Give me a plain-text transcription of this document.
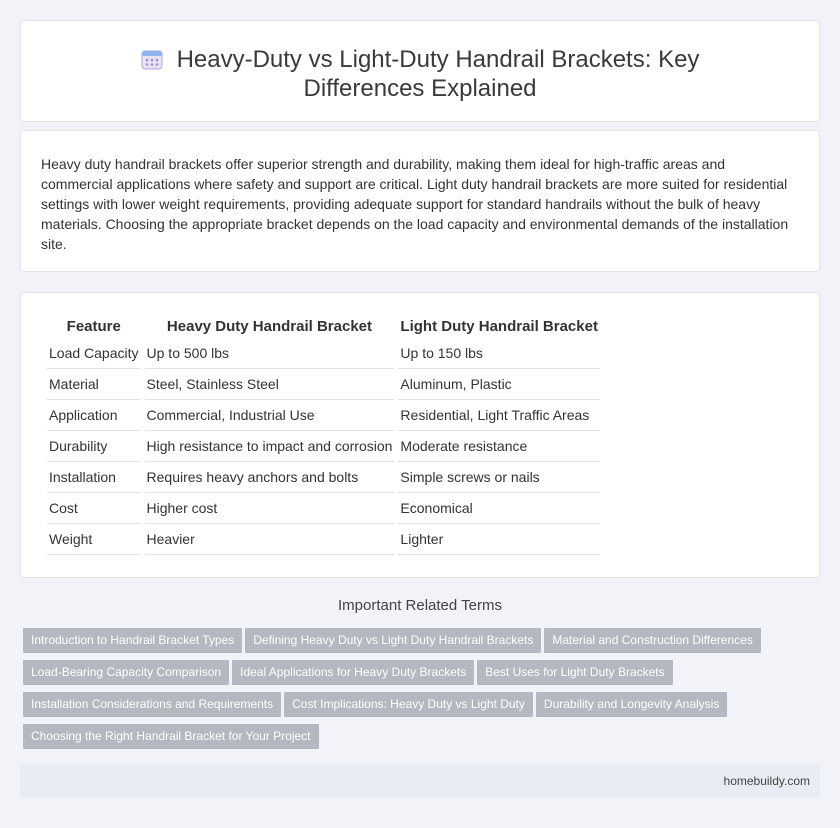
Heavy-Duty vs Light-Duty Handrail Brackets: Key Differences Explained

Heavy duty handrail brackets offer superior strength and durability, making them ideal for high-traffic areas and commercial applications where safety and support are critical. Light duty handrail brackets are more suited for residential settings with lower weight requirements, providing adequate support for standard handrails without the bulk of heavy materials. Choosing the appropriate bracket depends on the load capacity and environmental demands of the installation site.

Feature	Heavy Duty Handrail Bracket	Light Duty Handrail Bracket
Load Capacity	Up to 500 lbs	Up to 150 lbs
Material	Steel, Stainless Steel	Aluminum, Plastic
Application	Commercial, Industrial Use	Residential, Light Traffic Areas
Durability	High resistance to impact and corrosion	Moderate resistance
Installation	Requires heavy anchors and bolts	Simple screws or nails
Cost	Higher cost	Economical
Weight	Heavier	Lighter
Important Related Terms
Introduction to Handrail Bracket Types Defining Heavy Duty vs Light Duty Handrail Brackets Material and Construction DifferencesLoad-Bearing Capacity Comparison Ideal Applications for Heavy Duty Brackets Best Uses for Light Duty BracketsInstallation Considerations and Requirements Cost Implications: Heavy Duty vs Light Duty Durability and Longevity AnalysisChoosing the Right Handrail Bracket for Your Project
homebuildy.com
